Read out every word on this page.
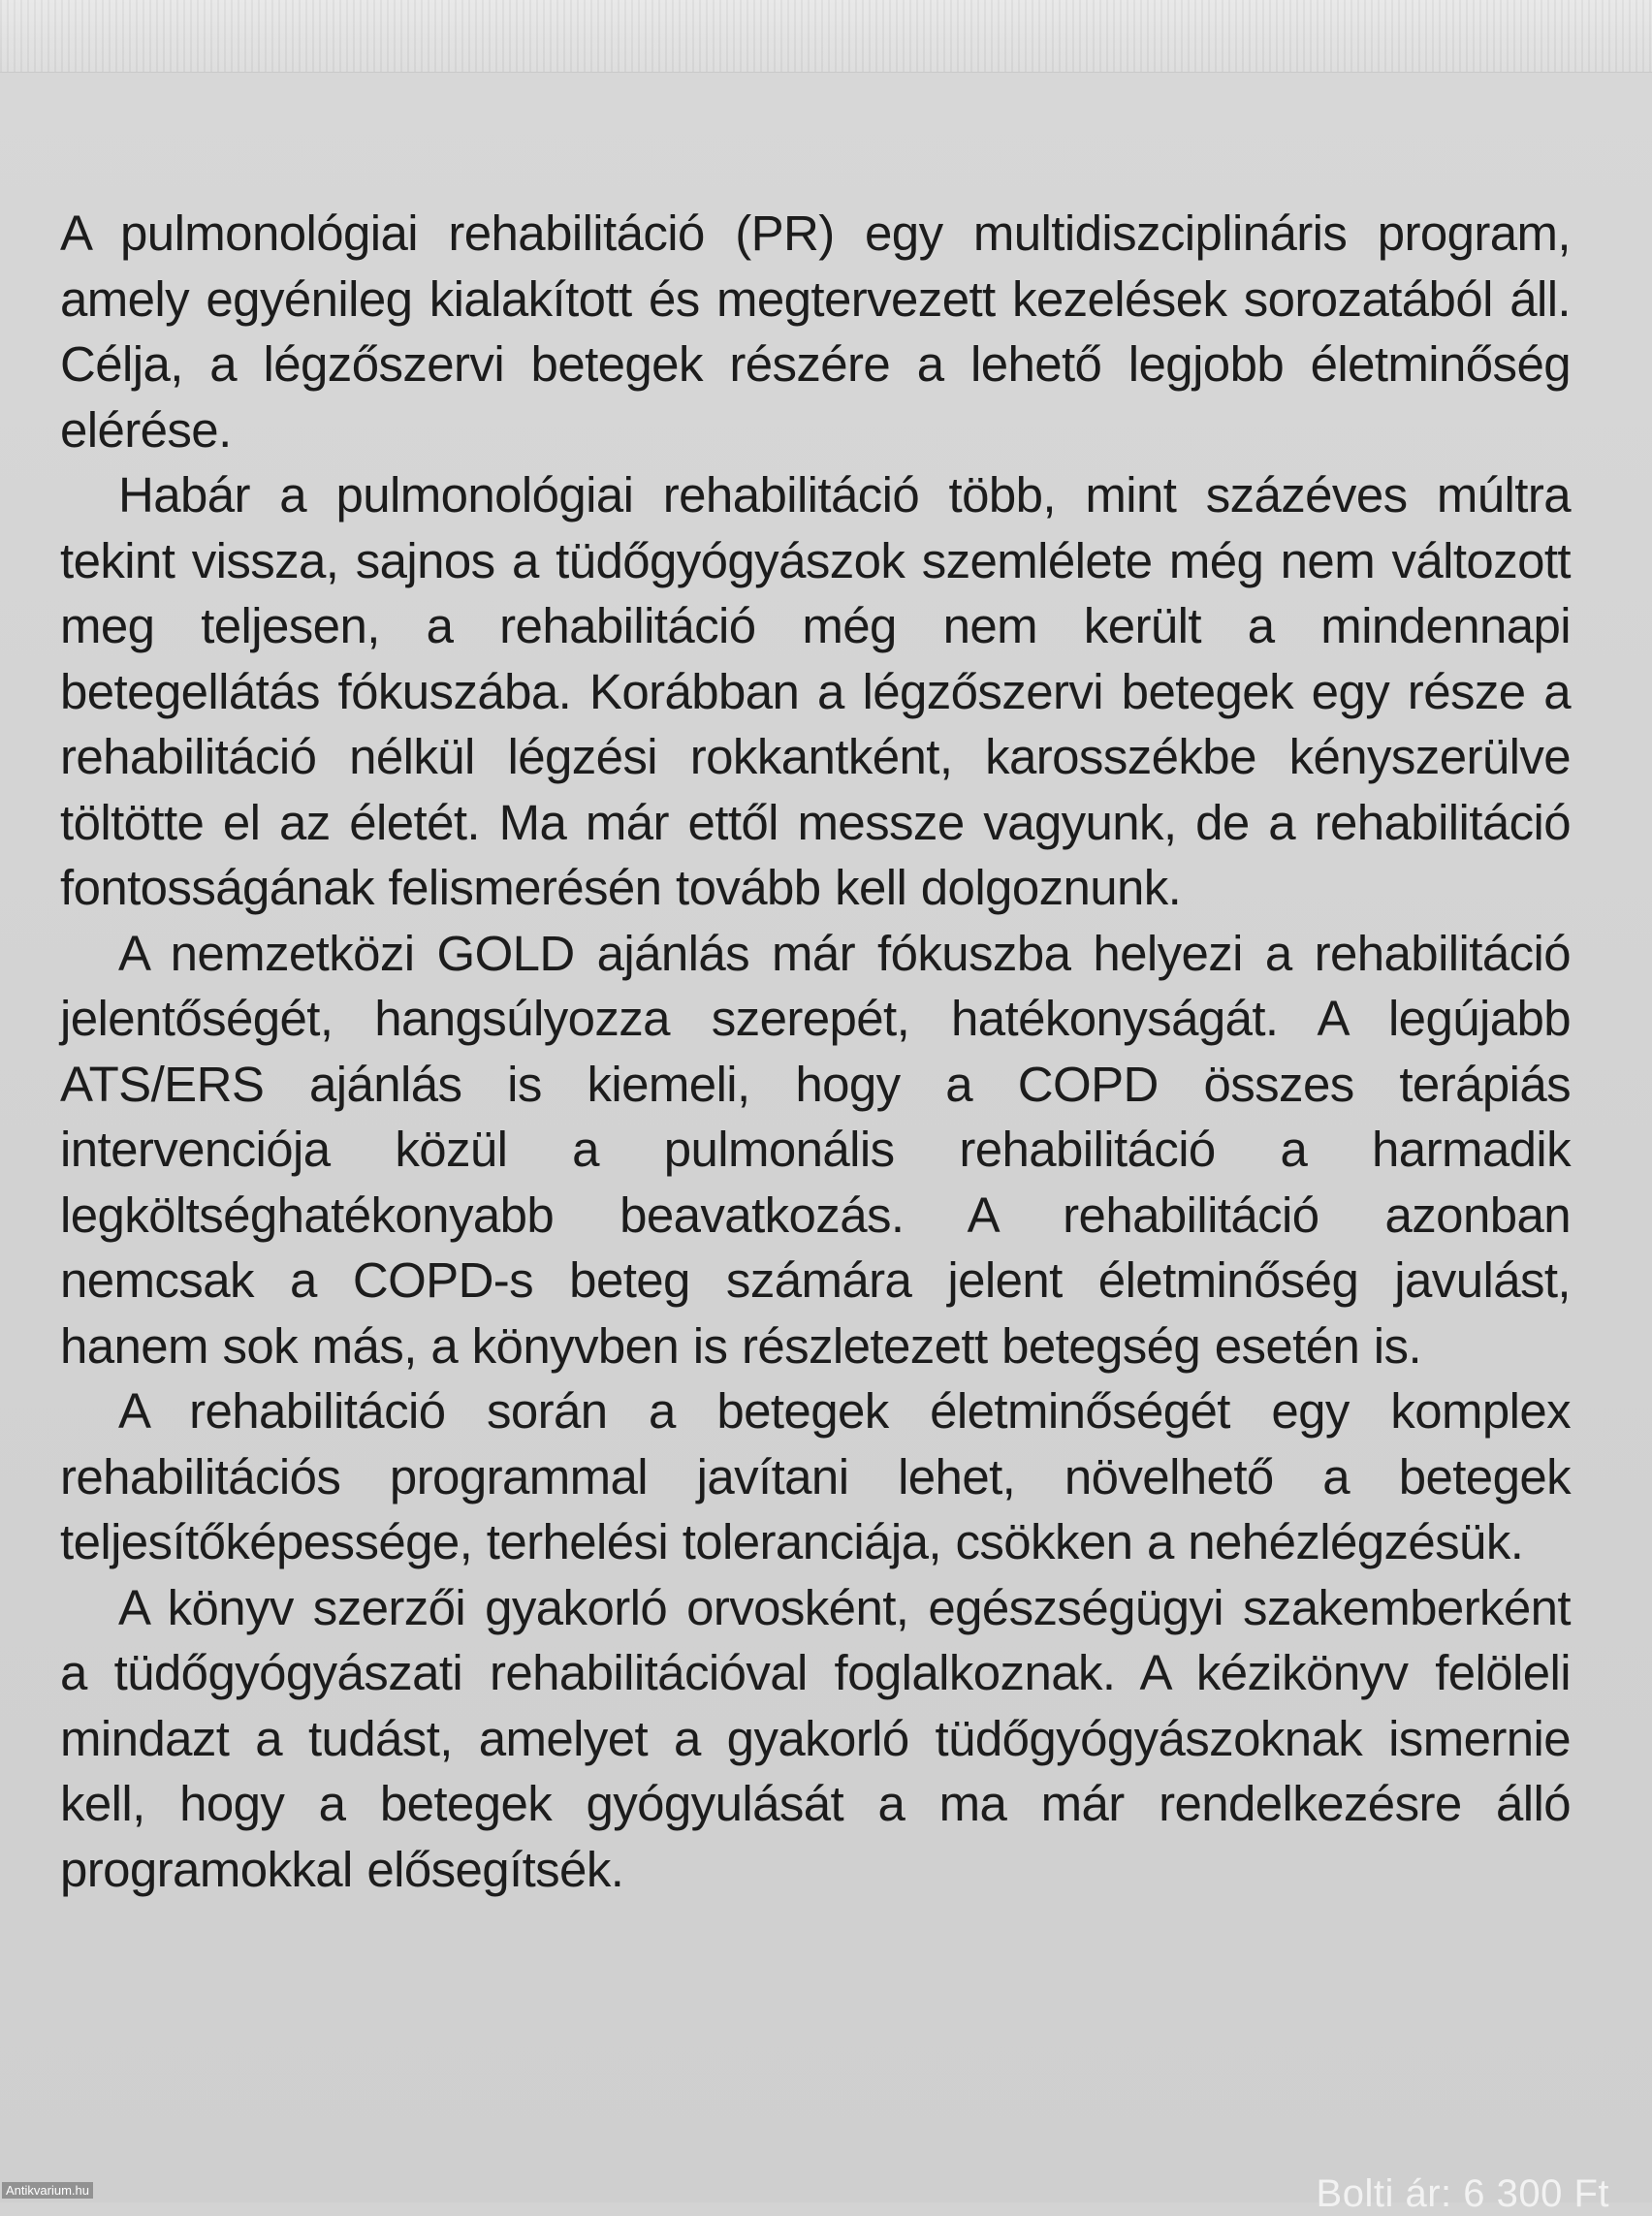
A pulmonológiai rehabilitáció (PR) egy multidiszciplináris program, amely egyénileg kialakított és megtervezett kezelések sorozatából áll. Célja, a légzőszervi betegek részére a lehető legjobb életminőség elérése.

Habár a pulmonológiai rehabilitáció több, mint százéves múltra tekint vissza, sajnos a tüdőgyógyászok szemlélete még nem változott meg teljesen, a rehabilitáció még nem került a mindennapi betegellátás fókuszába. Korábban a légzőszervi betegek egy része a rehabilitáció nélkül légzési rokkantként, karosszékbe kényszerülve töltötte el az életét. Ma már ettől messze vagyunk, de a rehabilitáció fontosságának felismerésén tovább kell dolgoznunk.

A nemzetközi GOLD ajánlás már fókuszba helyezi a rehabilitáció jelentőségét, hangsúlyozza szerepét, hatékonyságát. A legújabb ATS/ERS ajánlás is kiemeli, hogy a COPD összes terápiás intervenciója közül a pulmonális rehabilitáció a harmadik legköltséghatékonyabb beavatkozás. A rehabilitáció azonban nemcsak a COPD-s beteg számára jelent életminőség javulást, hanem sok más, a könyvben is részletezett betegség esetén is.

A rehabilitáció során a betegek életminőségét egy komplex rehabilitációs programmal javítani lehet, növelhető a betegek teljesítőképessége, terhelési toleranciája, csökken a nehézlégzésük.

A könyv szerzői gyakorló orvosként, egészségügyi szakemberként a tüdőgyógyászati rehabilitációval foglalkoznak. A kézikönyv felöleli mindazt a tudást, amelyet a gyakorló tüdőgyógyászoknak ismernie kell, hogy a betegek gyógyulását a ma már rendelkezésre álló programokkal elősegítsék.

Antikvarium.hu	Bolti ár: 6 300 Ft
